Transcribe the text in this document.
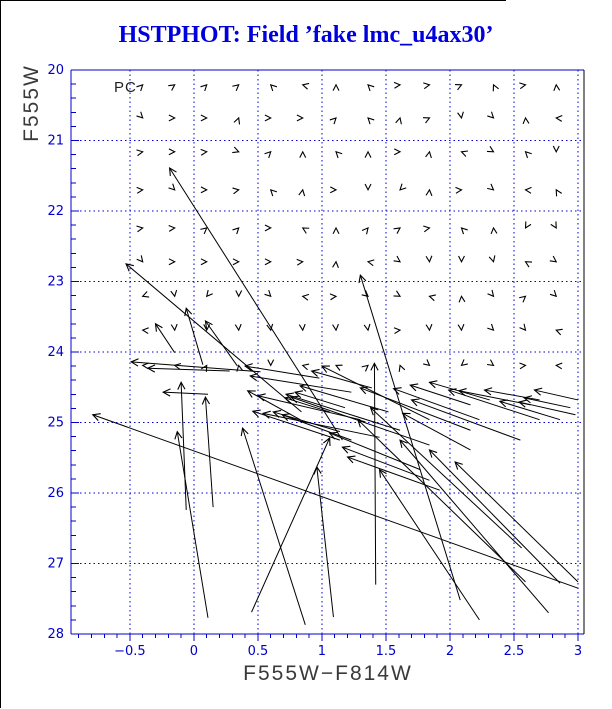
HSTPHOT: Field ’fake lmc_u4ax30’
−0.5	0	0.5	1	1.5	2	2.5	3
20
21
22
23
24
25
26
27
28
PC
F555W−F814W
F555W
